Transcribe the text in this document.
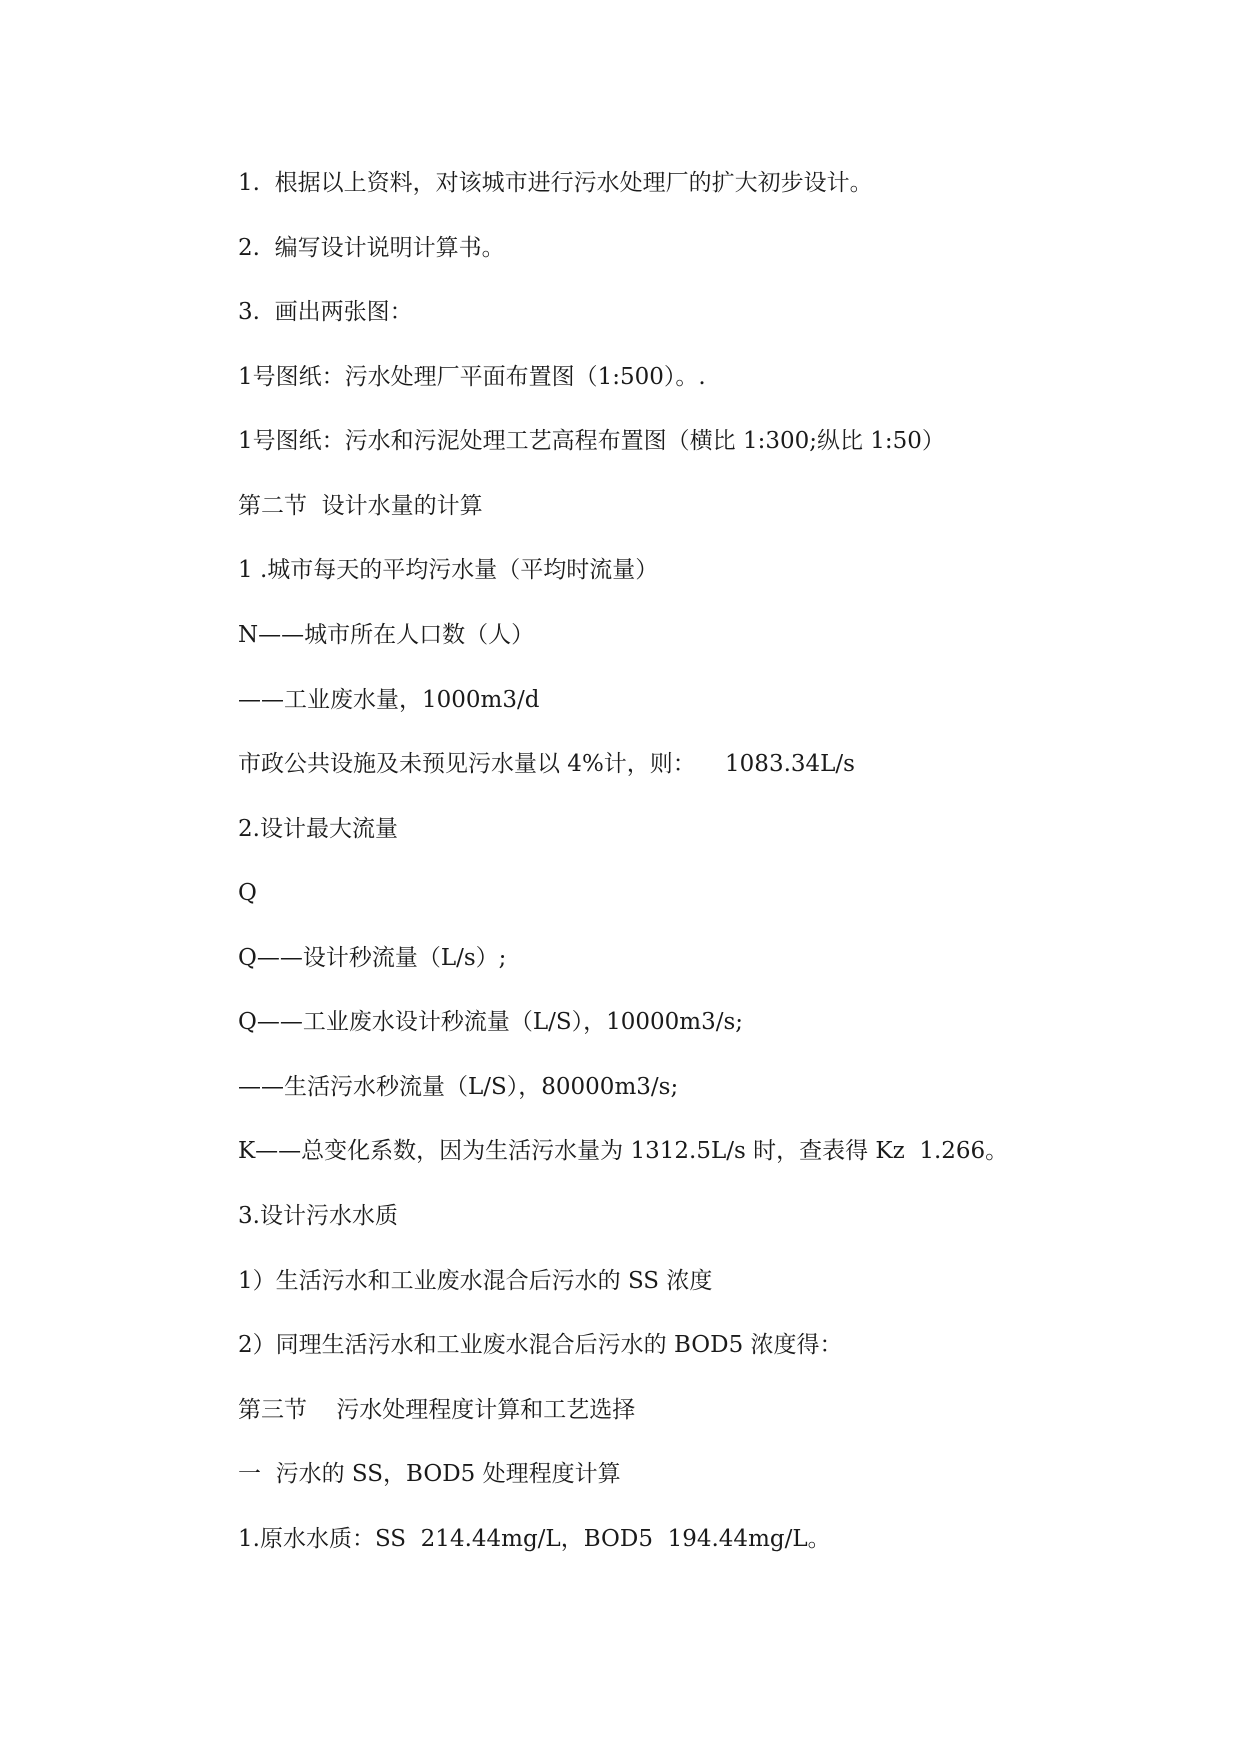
1.  根据以上资料，对该城市进行污水处理厂的扩大初步设计。

2.  编写设计说明计算书。

3.  画出两张图：

1号图纸：污水处理厂平面布置图（1:500）。.

1号图纸：污水和污泥处理工艺高程布置图（横比 1:300;纵比 1:50）

第二节  设计水量的计算

1 .城市每天的平均污水量（平均时流量）

N——城市所在人口数（人）

——工业废水量，1000m3/d

市政公共设施及未预见污水量以 4%计，则：    1083.34L/s

2.设计最大流量

Q

Q——设计秒流量（L/s）;

Q——工业废水设计秒流量（L/S），10000m3/s;

——生活污水秒流量（L/S），80000m3/s;

K——总变化系数，因为生活污水量为 1312.5L/s 时，查表得 Kz  1.266。

3.设计污水水质

1）生活污水和工业废水混合后污水的 SS 浓度

2）同理生活污水和工业废水混合后污水的 BOD5 浓度得：

第三节    污水处理程度计算和工艺选择

一  污水的 SS，BOD5 处理程度计算

1.原水水质：SS  214.44mg/L，BOD5  194.44mg/L。
